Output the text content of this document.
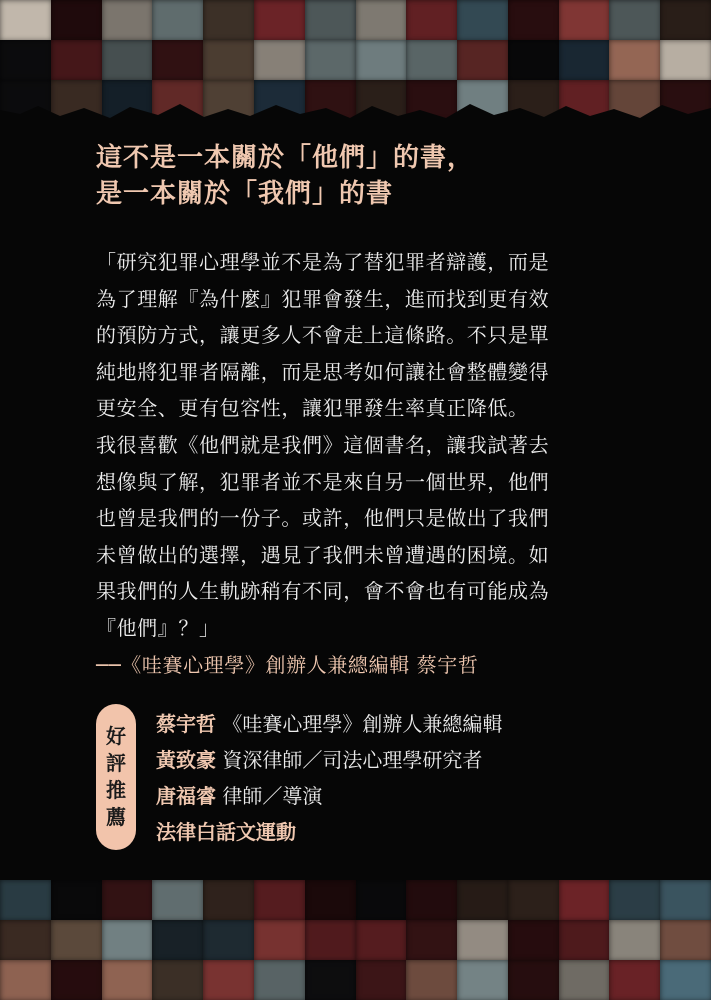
這不是一本關於「他們」的書，
是一本關於「我們」的書
「研究犯罪心理學並不是為了替犯罪者辯護，而是
為了理解『為什麼』犯罪會發生，進而找到更有效
的預防方式，讓更多人不會走上這條路。不只是單
純地將犯罪者隔離，而是思考如何讓社會整體變得
更安全、更有包容性，讓犯罪發生率真正降低。
我很喜歡《他們就是我們》這個書名，讓我試著去
想像與了解，犯罪者並不是來自另一個世界，他們
也曾是我們的一份子。或許，他們只是做出了我們
未曾做出的選擇，遇見了我們未曾遭遇的困境。如
果我們的人生軌跡稍有不同，會不會也有可能成為
『他們』？」
──《哇賽心理學》創辦人兼總編輯 蔡宇哲
好
評
推
薦
蔡宇哲 《哇賽心理學》創辦人兼總編輯
黃致豪 資深律師／司法心理學研究者
唐福睿 律師／導演
法律白話文運動
